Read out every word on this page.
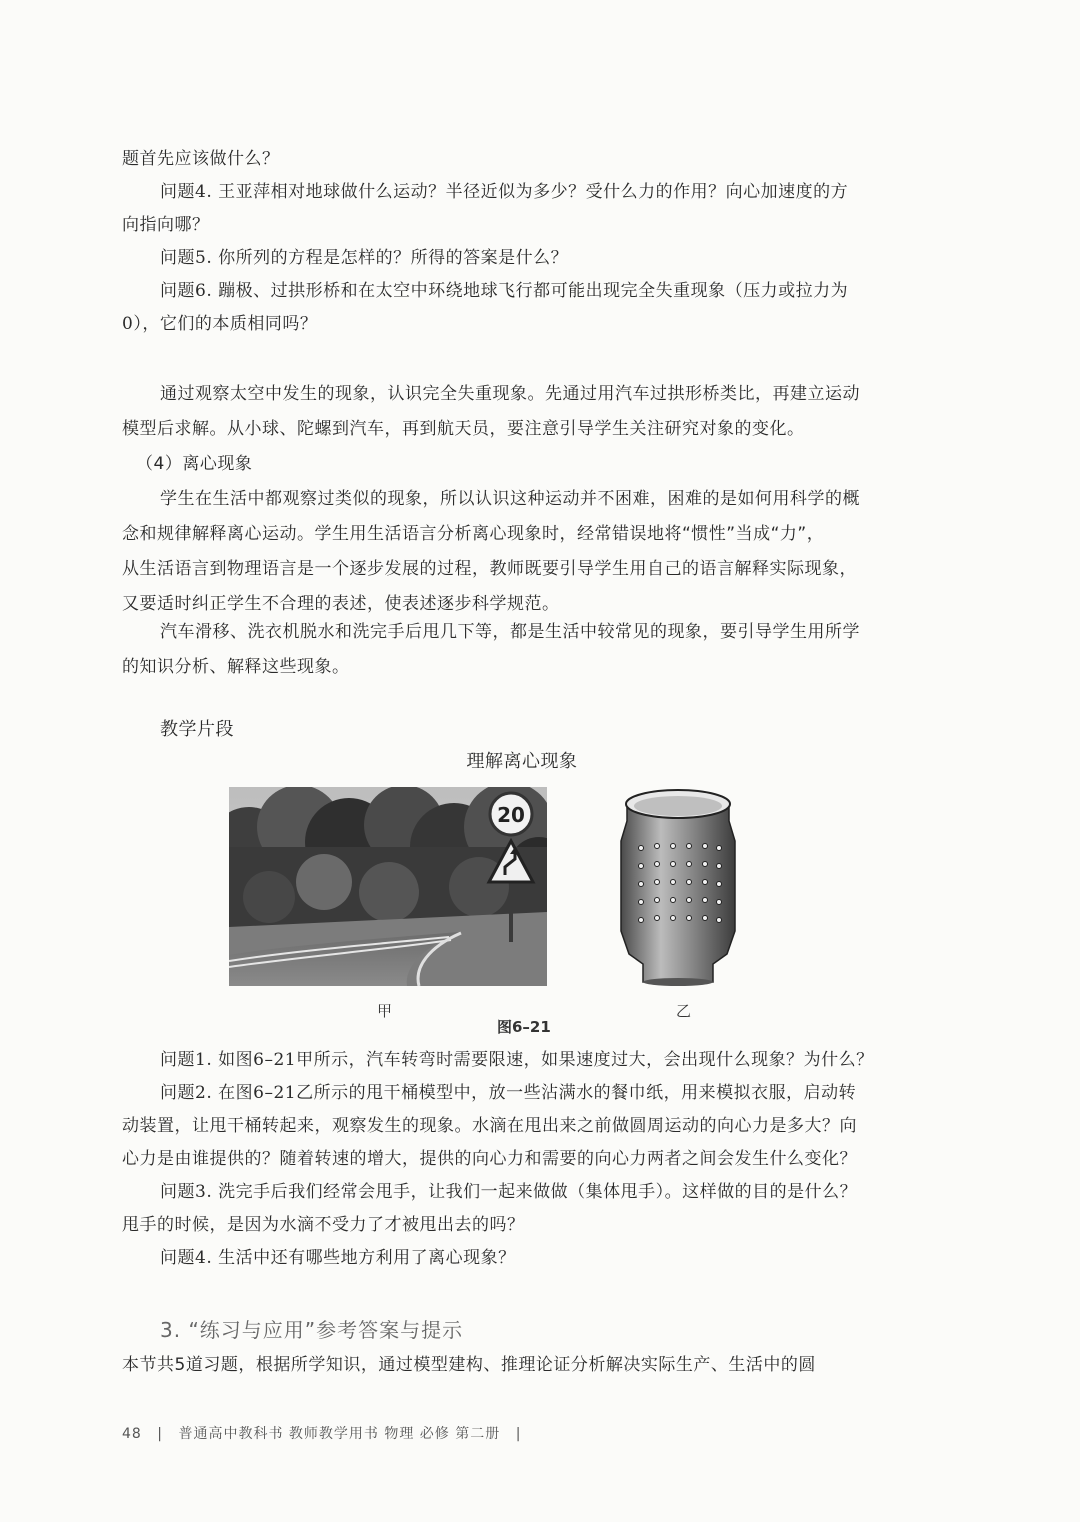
题首先应该做什么？

问题4. 王亚萍相对地球做什么运动？半径近似为多少？受什么力的作用？向心加速度的方

向指向哪？

问题5. 你所列的方程是怎样的？所得的答案是什么？

问题6. 蹦极、过拱形桥和在太空中环绕地球飞行都可能出现完全失重现象（压力或拉力为

0），它们的本质相同吗？

通过观察太空中发生的现象，认识完全失重现象。先通过用汽车过拱形桥类比，再建立运动

模型后求解。从小球、陀螺到汽车，再到航天员，要注意引导学生关注研究对象的变化。

（4）离心现象

学生在生活中都观察过类似的现象，所以认识这种运动并不困难，困难的是如何用科学的概

念和规律解释离心运动。学生用生活语言分析离心现象时，经常错误地将“惯性”当成“力”，

从生活语言到物理语言是一个逐步发展的过程，教师既要引导学生用自己的语言解释实际现象，

又要适时纠正学生不合理的表述，使表述逐步科学规范。

汽车滑移、洗衣机脱水和洗完手后甩几下等，都是生活中较常见的现象，要引导学生用所学

的知识分析、解释这些现象。

教学片段

理解离心现象

20
甲	乙
图6–21

问题1. 如图6–21甲所示，汽车转弯时需要限速，如果速度过大，会出现什么现象？为什么？

问题2. 在图6–21乙所示的甩干桶模型中，放一些沾满水的餐巾纸，用来模拟衣服，启动转

动装置，让甩干桶转起来，观察发生的现象。水滴在甩出来之前做圆周运动的向心力是多大？向

心力是由谁提供的？随着转速的增大，提供的向心力和需要的向心力两者之间会发生什么变化？

问题3. 洗完手后我们经常会甩手，让我们一起来做做（集体甩手）。这样做的目的是什么？

甩手的时候，是因为水滴不受力了才被甩出去的吗？

问题4. 生活中还有哪些地方利用了离心现象？

3. “练习与应用”参考答案与提示

本节共5道习题，根据所学知识，通过模型建构、推理论证分析解决实际生产、生活中的圆

48 | 普通高中教科书 教师教学用书 物理 必修 第二册 |
